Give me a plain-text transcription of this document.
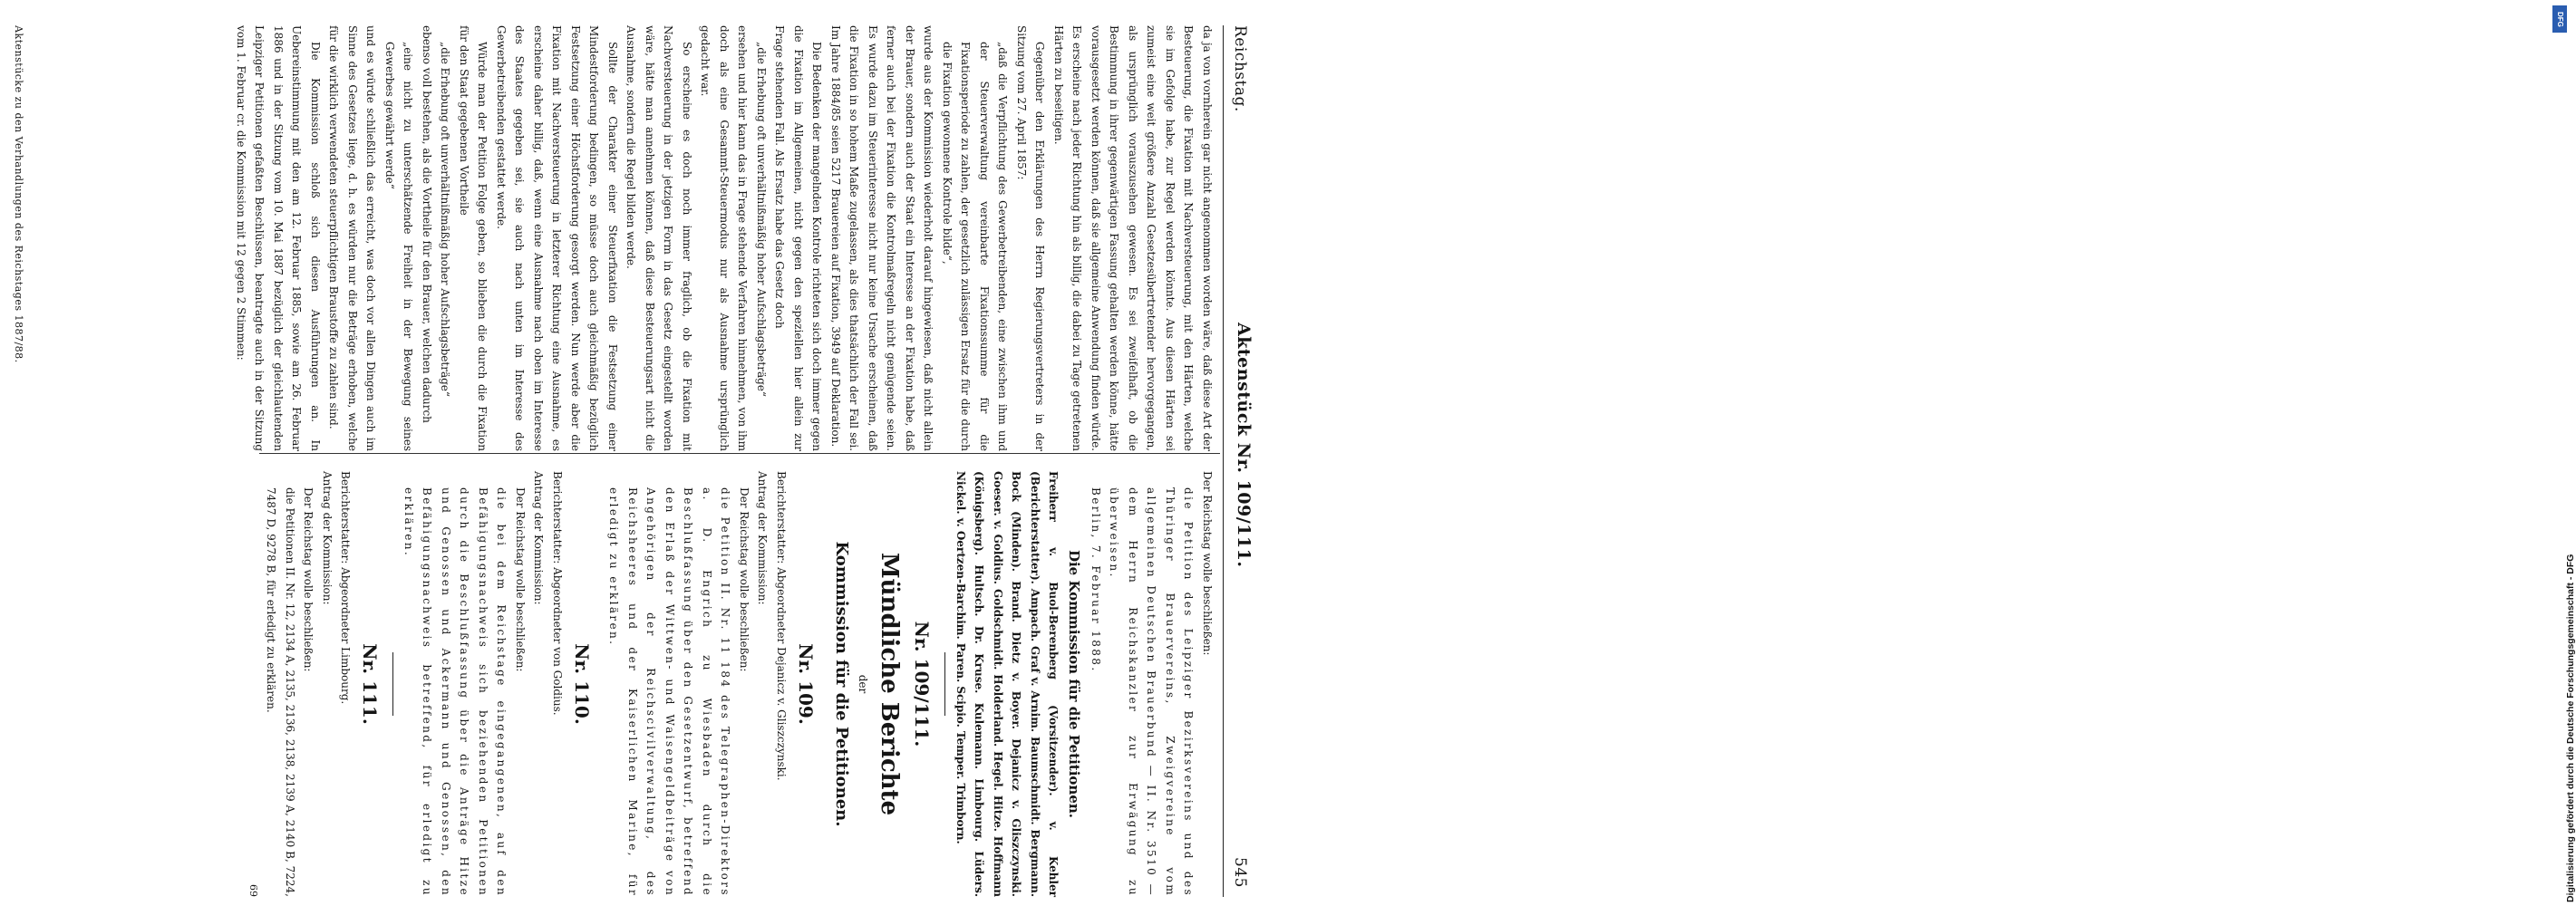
Reichstag.
Aktenstück Nr. 109/111.
545

da ja von vornherein gar nicht angenommen worden wäre, daß diese Art der Besteuerung, die Fixation mit Nachversteuerung, mit den Härten, welche sie im Gefolge habe, zur Regel werden könnte. Aus diesen Härten sei zumeist eine weit größere Anzahl Gesetzesübertretender hervorgegangen, als ursprünglich vorauszusehen gewesen. Es sei zweifelhaft, ob die Bestimmung in ihrer gegenwärtigen Fassung gehalten werden könne, hätte vorausgesetzt werden können, daß sie allgemeine Anwendung finden würde. Es erscheine nach jeder Richtung hin als billig, die dabei zu Tage getretenen Härten zu beseitigen.

Gegenüber den Erklärungen des Herrn Regierungsvertreters in der Sitzung vom 27. April 1857:

„daß die Verpflichtung des Gewerbetreibenden, eine zwischen ihm und der Steuerverwaltung vereinbarte Fixationssumme für die Fixationsperiode zu zahlen, der gesetzlich zulässigen Ersatz für die durch die Fixation gewonnene Kontrole bilde“,

wurde aus der Kommission wiederholt darauf hingewiesen, daß nicht allein der Brauer, sondern auch der Staat ein Interesse an der Fixation habe, daß ferner auch bei der Fixation die Kontrolmaßregeln nicht genügende seien. Es wurde dazu im Steuerinteresse nicht nur keine Ursache erscheinen, daß die Fixation in so hohem Maße zugelassen, als dies thatsächlich der Fall sei. Im Jahre 1884/85 seien 5217 Brauereien auf Fixation, 3949 auf Deklaration.

Die Bedenken der mangelnden Kontrole richteten sich doch immer gegen die Fixation im Allgemeinen, nicht gegen den speziellen hier allein zur Frage stehenden Fall. Als Ersatz habe das Gesetz doch

„die Erhebung oft unverhältnißmäßig hoher Aufschlagsbeträge“

ersehen und hier kann das in Frage stehende Verfahren hinnehmen, von ihm doch als eine Gesammt-Steuermodus nur als Ausnahme ursprünglich gedacht war.

So erscheine es doch noch immer fraglich, ob die Fixation mit Nachversteuerung in der jetzigen Form in das Gesetz eingestellt worden wäre, hätte man annehmen können, daß diese Besteuerungsart nicht die Ausnahme, sondern die Regel bilden werde.

Sollte der Charakter einer Steuerfixation die Festsetzung einer Mindestforderung bedingen, so müsse doch auch gleichmäßig bezüglich Festsetzung einer Höchstforderung gesorgt werden. Nun werde aber die Fixation mit Nachversteuerung in letzterer Richtung eine Ausnahme, es erscheine daher billig, daß, wenn eine Ausnahme nach oben im Interesse des Staates gegeben sei, sie auch nach unten im Interesse des Gewerbetreibenden gestattet werde.

Würde man der Petition Folge geben, so blieben die durch die Fixation für den Staat gegebenen Vortheile

„die Erhebung oft unverhältnißmäßig hoher Aufschlagsbeträge“

ebenso voll bestehen, als die Vortheile für den Brauer, welchen dadurch

„eine nicht zu unterschätzende Freiheit in der Bewegung seines Gewerbes gewährt werde“

und es würde schließlich das erreicht, was doch vor allen Dingen auch im Sinne des Gesetzes liege, d. h. es würden nur die Beträge erhoben, welche für die wirklich verwendeten steuerpflichtigen Braustoffe zu zahlen sind.

Die Kommission schloß sich diesen Ausführungen an. In Uebereinstimmung mit den am 12. Februar 1885, sowie am 26. Februar 1886 und in der Sitzung vom 10. Mai 1887 bezüglich der gleichlautenden Leipziger Petitionen gefaßten Beschlüssen, beantragte auch in der Sitzung vom 1. Februar cr. die Kommission mit 12 gegen 2 Stimmen:

Der Reichstag wolle beschließen:

die Petition des Leipziger Bezirksvereins und des Thüringer Brauervereins, Zweigvereine vom allgemeinen Deutschen Brauerbund — II. Nr. 3510 — dem Herrn Reichskanzler zur Erwägung zu überweisen.

Berlin, 7. Februar 1888.

Die Kommission für die Petitionen.

Freiherr v. Buol-Berenberg (Vorsitzender). v. Kehler (Berichterstatter). Ampach. Graf v. Arnim. Baumschmidt. Bergmann. Bock (Minden). Brand. Dietz v. Boyer. Dejanicz v. Gliszczynski. Goeser. v. Goldius. Goldschmidt. Holderland. Hegel. Hitze. Hoffmann (Königsberg). Hultsch. Dr. Kruse. Kulemann. Limbourg. Lüders. Nickel. v. Oertzen-Barchim. Paren. Scipio. Temper. Trimborn.

Nr. 109/111.

Mündliche Berichte

der

Kommission für die Petitionen.

Nr. 109.

Berichterstatter: Abgeordneter Dejanicz v. Gliszczynski.

Antrag der Kommission:

Der Reichstag wolle beschließen:

die Petition II. Nr. 11 184 des Telegraphen-Direktors a. D. Engrich zu Wiesbaden durch die Beschlußfassung über den Gesetzentwurf, betreffend den Erlaß der Wittwen- und Waisengeldbeiträge von Angehörigen der Reichscivilverwaltung, des Reichsheeres und der Kaiserlichen Marine, für erledigt zu erklären.

Nr. 110.

Berichterstatter: Abgeordneter von Goldius.

Antrag der Kommission:

Der Reichstag wolle beschließen:

die bei dem Reichstage eingegangenen, auf den Befähigungsnachweis sich beziehenden Petitionen durch die Beschlußfassung über die Anträge Hitze und Genossen und Ackermann und Genossen, den Befähigungsnachweis betreffend, für erledigt zu erklären.

Nr. 111.

Berichterstatter: Abgeordneter Limbourg.

Antrag der Kommission:

Der Reichstag wolle beschließen:

die Petitionen II. Nr. 12, 2134 A, 2135, 2136, 2138, 2139 A, 2140 B, 7224, 7487 D, 9278 B, für erledigt zu erklären.

69

Aktenstücke zu den Verhandlungen des Reichstages 1887/88.
DFG
Digitalisierung gefördert durch die Deutsche Forschungsgemeinschaft - DFG
